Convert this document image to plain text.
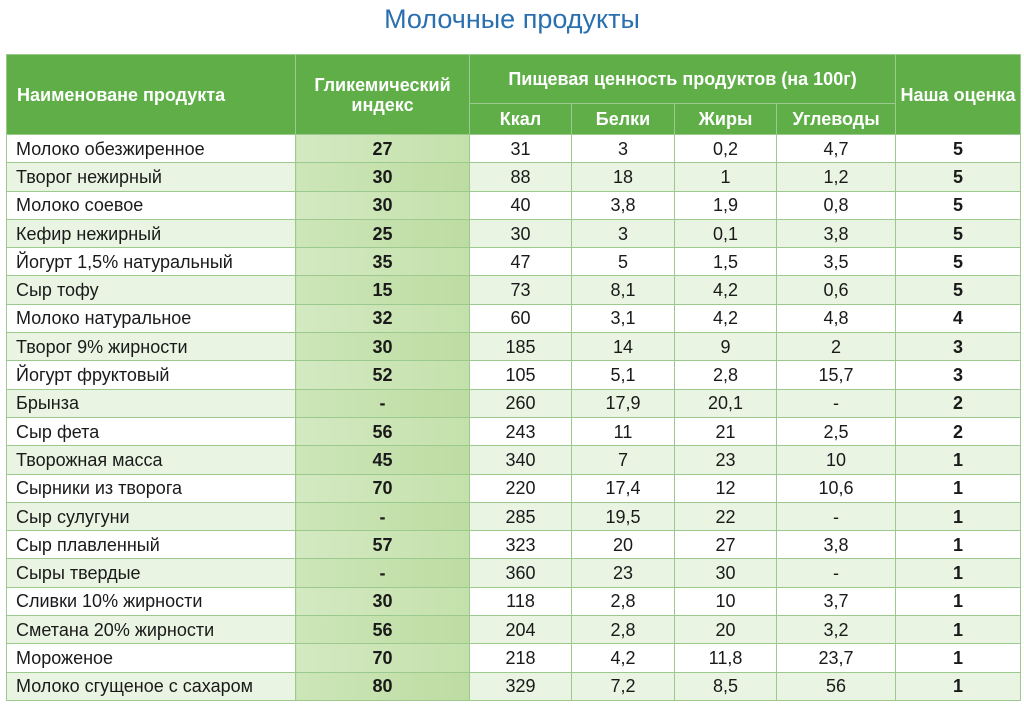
Молочные продукты
Наименоване продукта	Гликемический индекс	Пищевая ценность продуктов (на 100г)				Наша оценка
		Ккал	Белки	Жиры	Углеводы	
Молоко обезжиренное	27	31	3	0,2	4,7	5
Творог нежирный	30	88	18	1	1,2	5
Молоко соевое	30	40	3,8	1,9	0,8	5
Кефир нежирный	25	30	3	0,1	3,8	5
Йогурт 1,5% натуральный	35	47	5	1,5	3,5	5
Сыр тофу	15	73	8,1	4,2	0,6	5
Молоко натуральное	32	60	3,1	4,2	4,8	4
Творог 9% жирности	30	185	14	9	2	3
Йогурт фруктовый	52	105	5,1	2,8	15,7	3
Брынза	-	260	17,9	20,1	-	2
Сыр фета	56	243	11	21	2,5	2
Творожная масса	45	340	7	23	10	1
Сырники из творога	70	220	17,4	12	10,6	1
Сыр сулугуни	-	285	19,5	22	-	1
Сыр плавленный	57	323	20	27	3,8	1
Сыры твердые	-	360	23	30	-	1
Сливки 10% жирности	30	118	2,8	10	3,7	1
Сметана 20% жирности	56	204	2,8	20	3,2	1
Мороженое	70	218	4,2	11,8	23,7	1
Молоко сгущеное с сахаром	80	329	7,2	8,5	56	1
